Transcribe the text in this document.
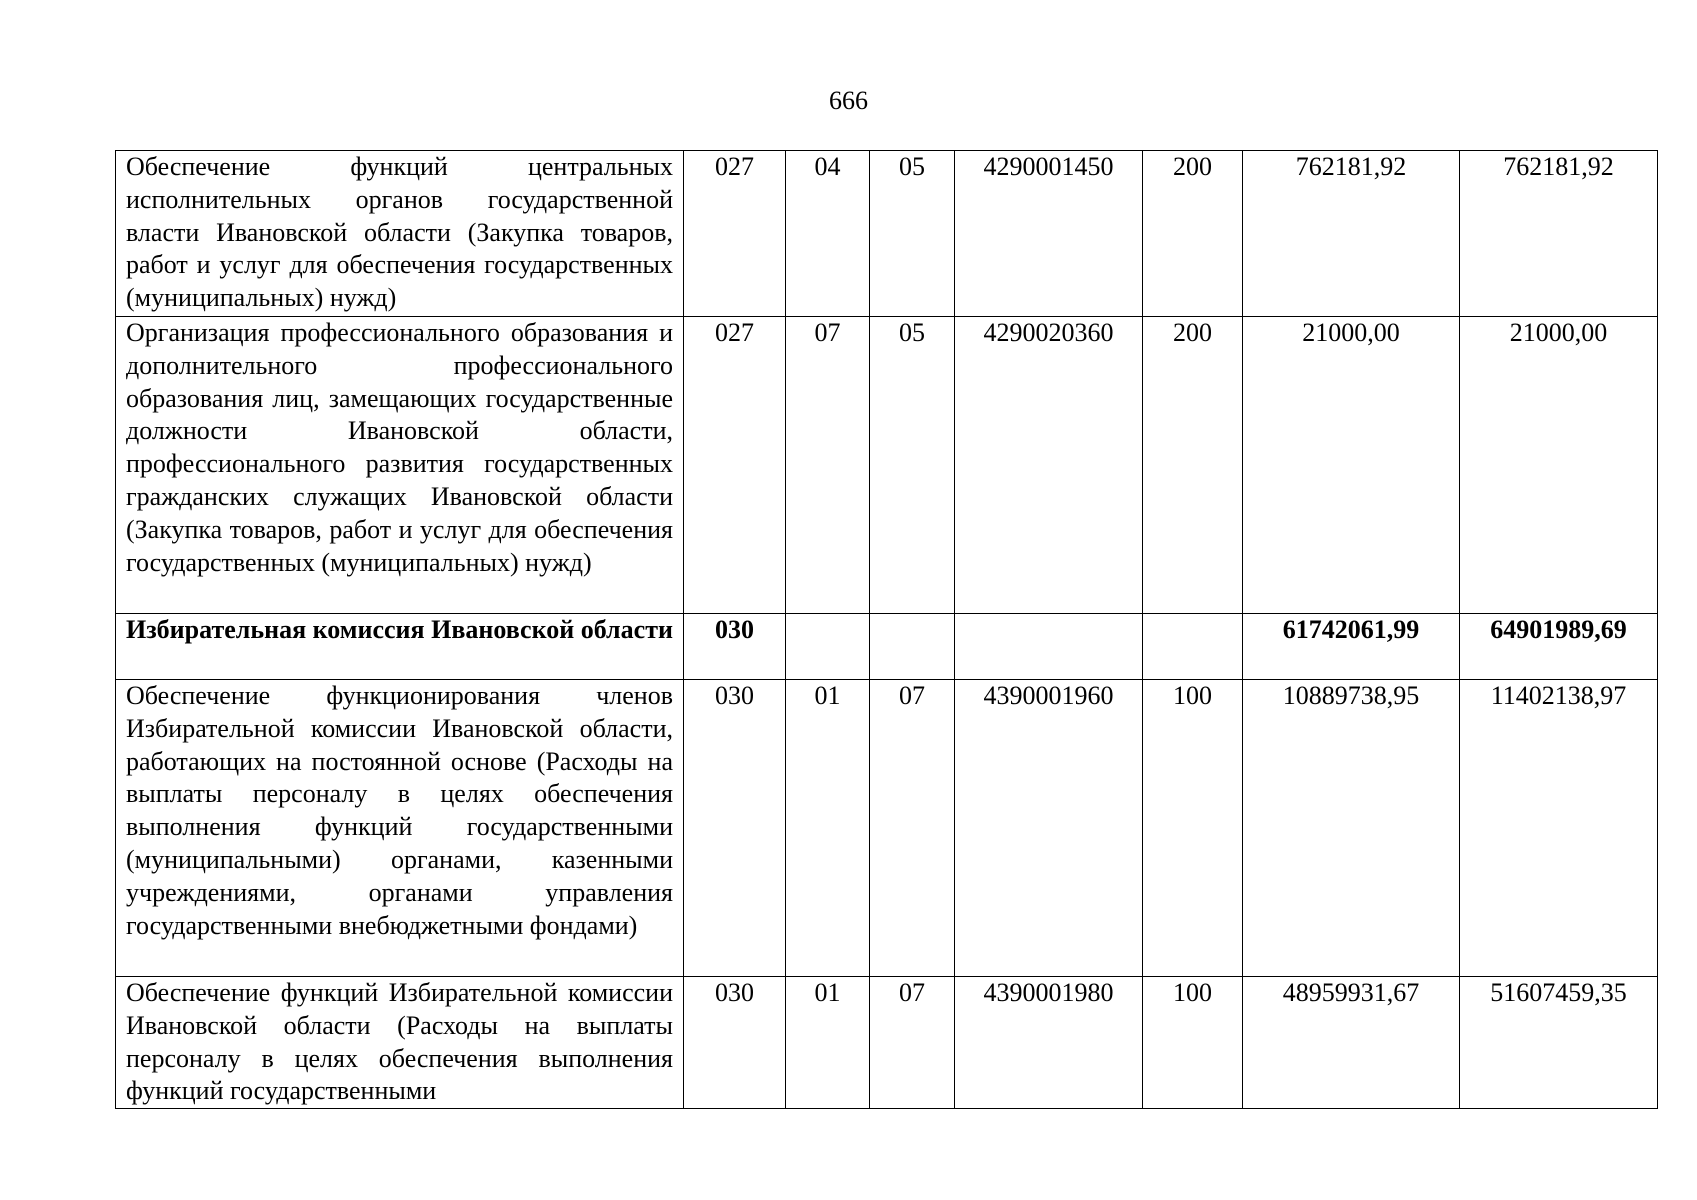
666
Обеспечение функций центральных исполнительных органов государственной власти Ивановской области (Закупка товаров, работ и услуг для обеспечения государственных (муниципальных) нужд)	027	04	05	4290001450	200	762181,92	762181,92
Организация профессионального образования и дополнительного профессионального образования лиц, замещающих государственные должности Ивановской области, профессионального развития государственных гражданских служащих Ивановской области (Закупка товаров, работ и услуг для обеспечения государственных (муниципальных) нужд)	027	07	05	4290020360	200	21000,00	21000,00
Избирательная комиссия Ивановской области	030					61742061,99	64901989,69
Обеспечение функционирования членов Избирательной комиссии Ивановской области, работающих на постоянной основе (Расходы на выплаты персоналу в целях обеспечения выполнения функций государственными (муниципальными) органами, казенными учреждениями, органами управления государственными внебюджетными фондами)	030	01	07	4390001960	100	10889738,95	11402138,97
Обеспечение функций Избирательной комиссии Ивановской области (Расходы на выплаты персоналу в целях обеспечения выполнения функций государственными	030	01	07	4390001980	100	48959931,67	51607459,35
